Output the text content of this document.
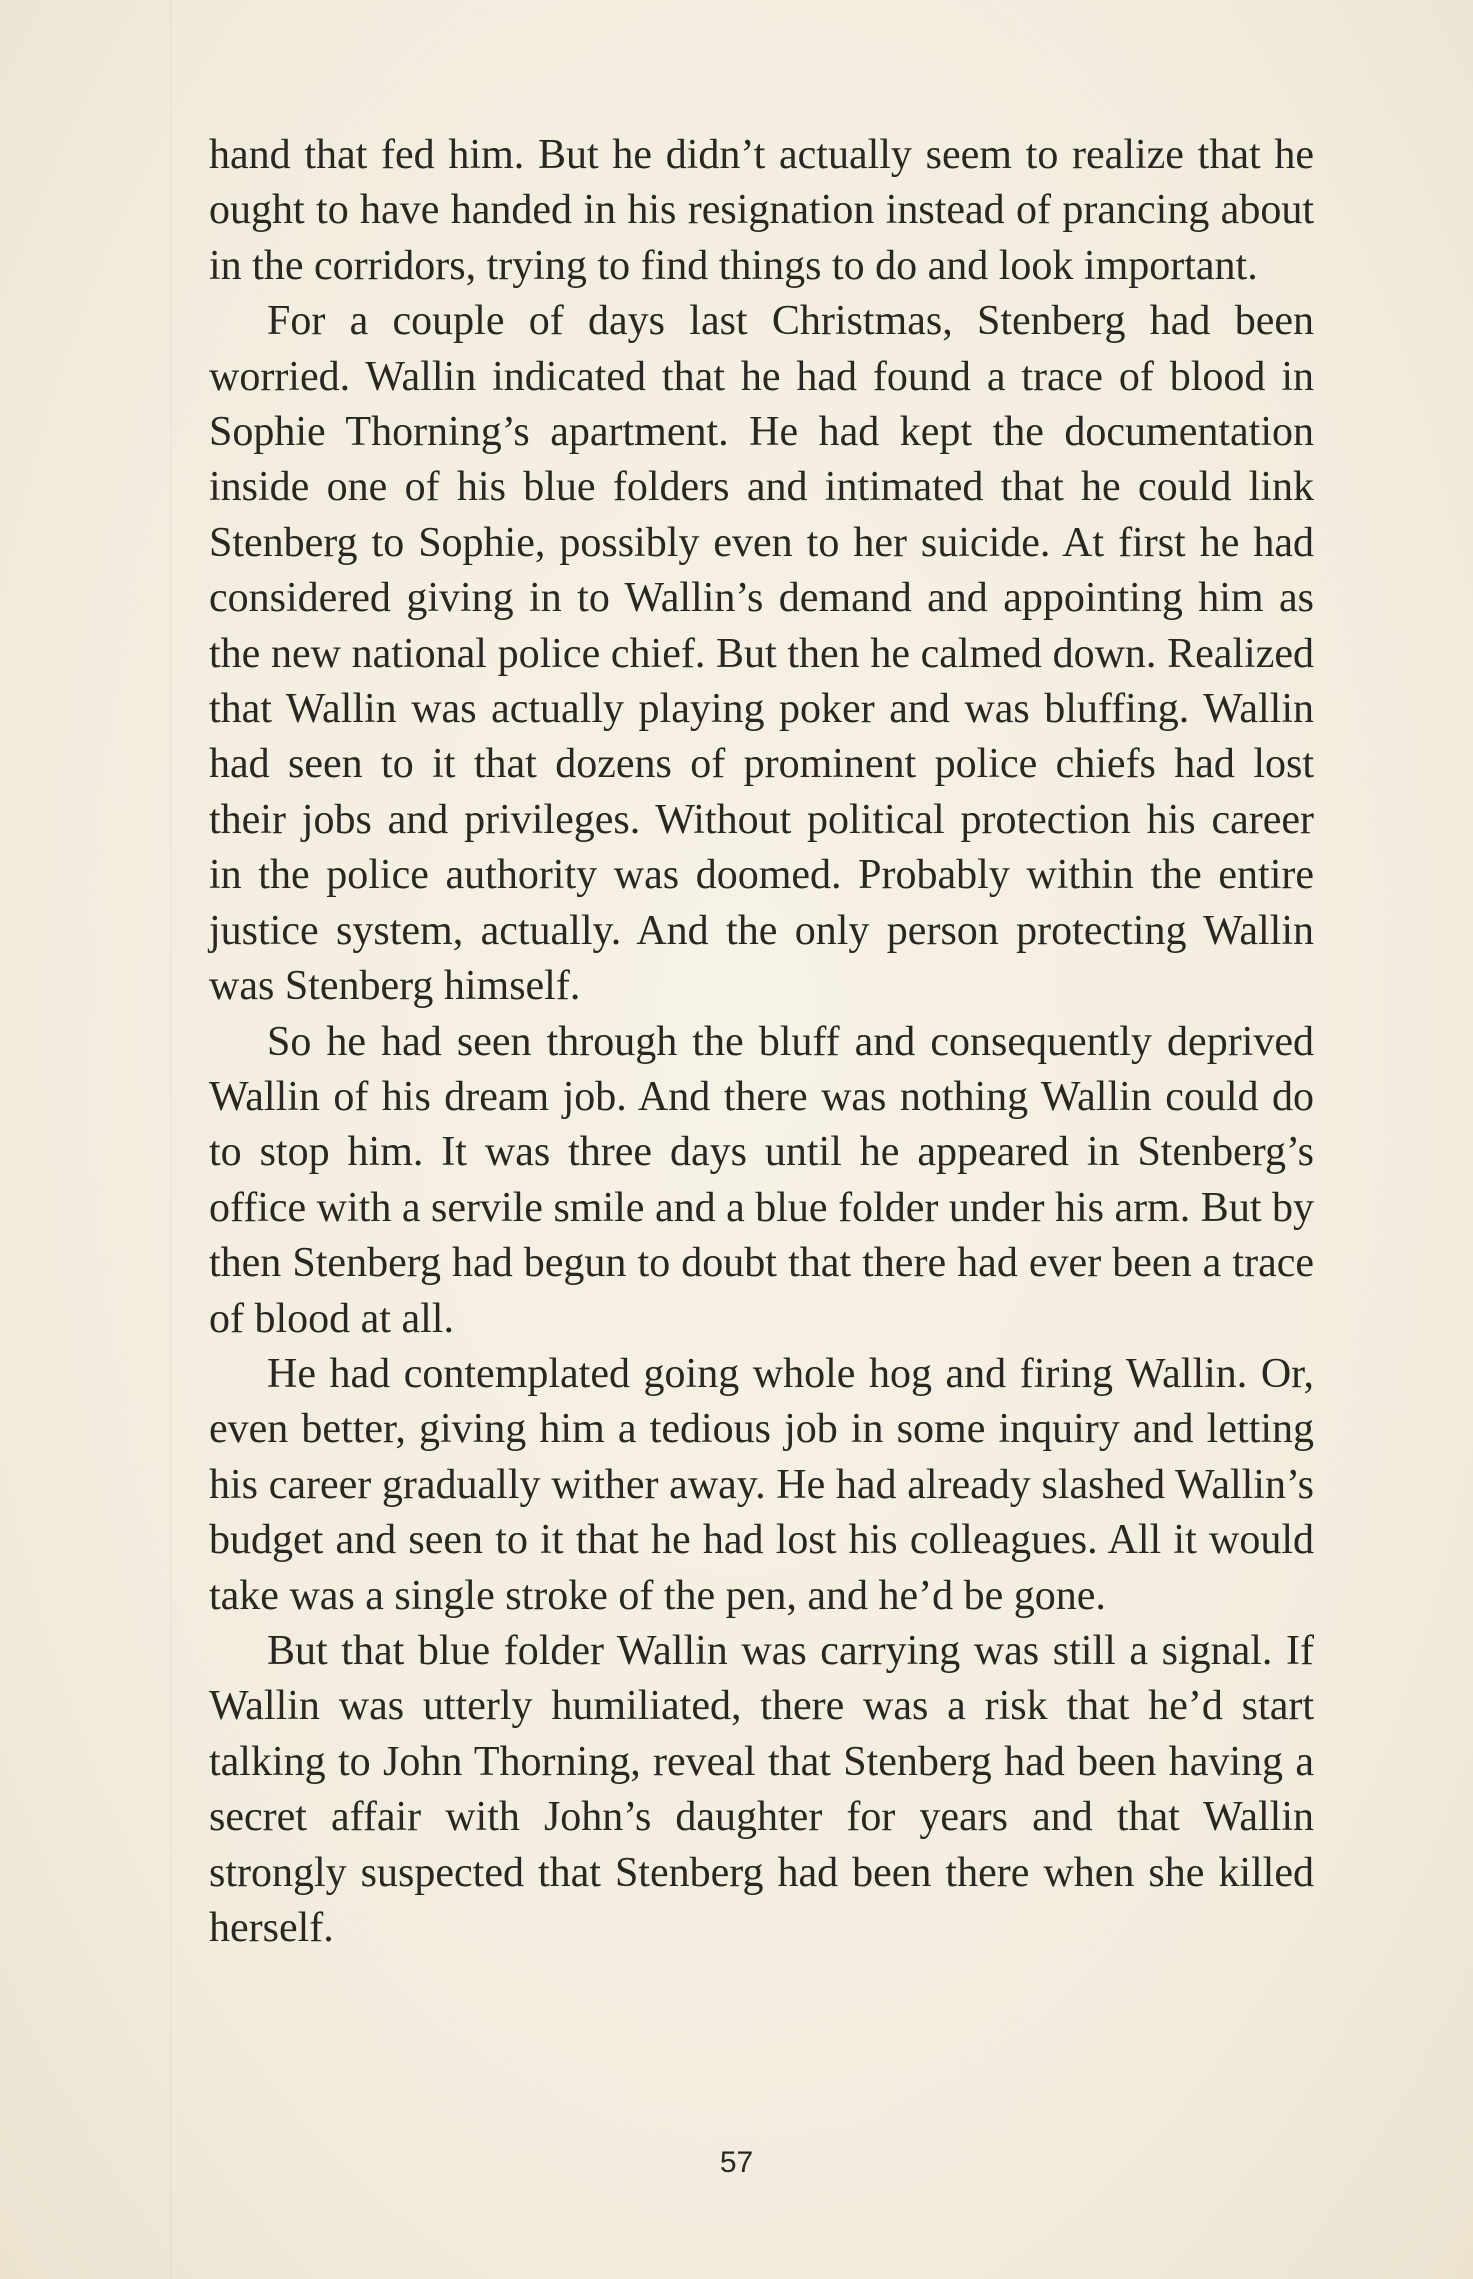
hand that fed him. But he didn’t actually seem to realize that he ought to have handed in his resignation instead of prancing about in the corridors, trying to find things to do and look important.

For a couple of days last Christmas, Stenberg had been worried. Wallin indicated that he had found a trace of blood in Sophie Thorning’s apartment. He had kept the documentation inside one of his blue folders and intimated that he could link Stenberg to Sophie, possibly even to her suicide. At first he had considered giving in to Wallin’s demand and appointing him as the new national police chief. But then he calmed down. Realized that Wallin was actually playing poker and was bluffing. Wallin had seen to it that dozens of prominent police chiefs had lost their jobs and privileges. Without political protection his career in the police authority was doomed. Probably within the entire justice system, actually. And the only person protecting Wallin was Stenberg himself.

So he had seen through the bluff and consequently deprived Wallin of his dream job. And there was nothing Wallin could do to stop him. It was three days until he appeared in Stenberg’s office with a servile smile and a blue folder under his arm. But by then Stenberg had begun to doubt that there had ever been a trace of blood at all.

He had contemplated going whole hog and firing Wallin. Or, even better, giving him a tedious job in some inquiry and letting his career gradually wither away. He had already slashed Wallin’s budget and seen to it that he had lost his colleagues. All it would take was a single stroke of the pen, and he’d be gone.

But that blue folder Wallin was carrying was still a signal. If Wallin was utterly humiliated, there was a risk that he’d start talking to John Thorning, reveal that Stenberg had been having a secret affair with John’s daughter for years and that Wallin strongly suspected that Stenberg had been there when she killed herself.

57
